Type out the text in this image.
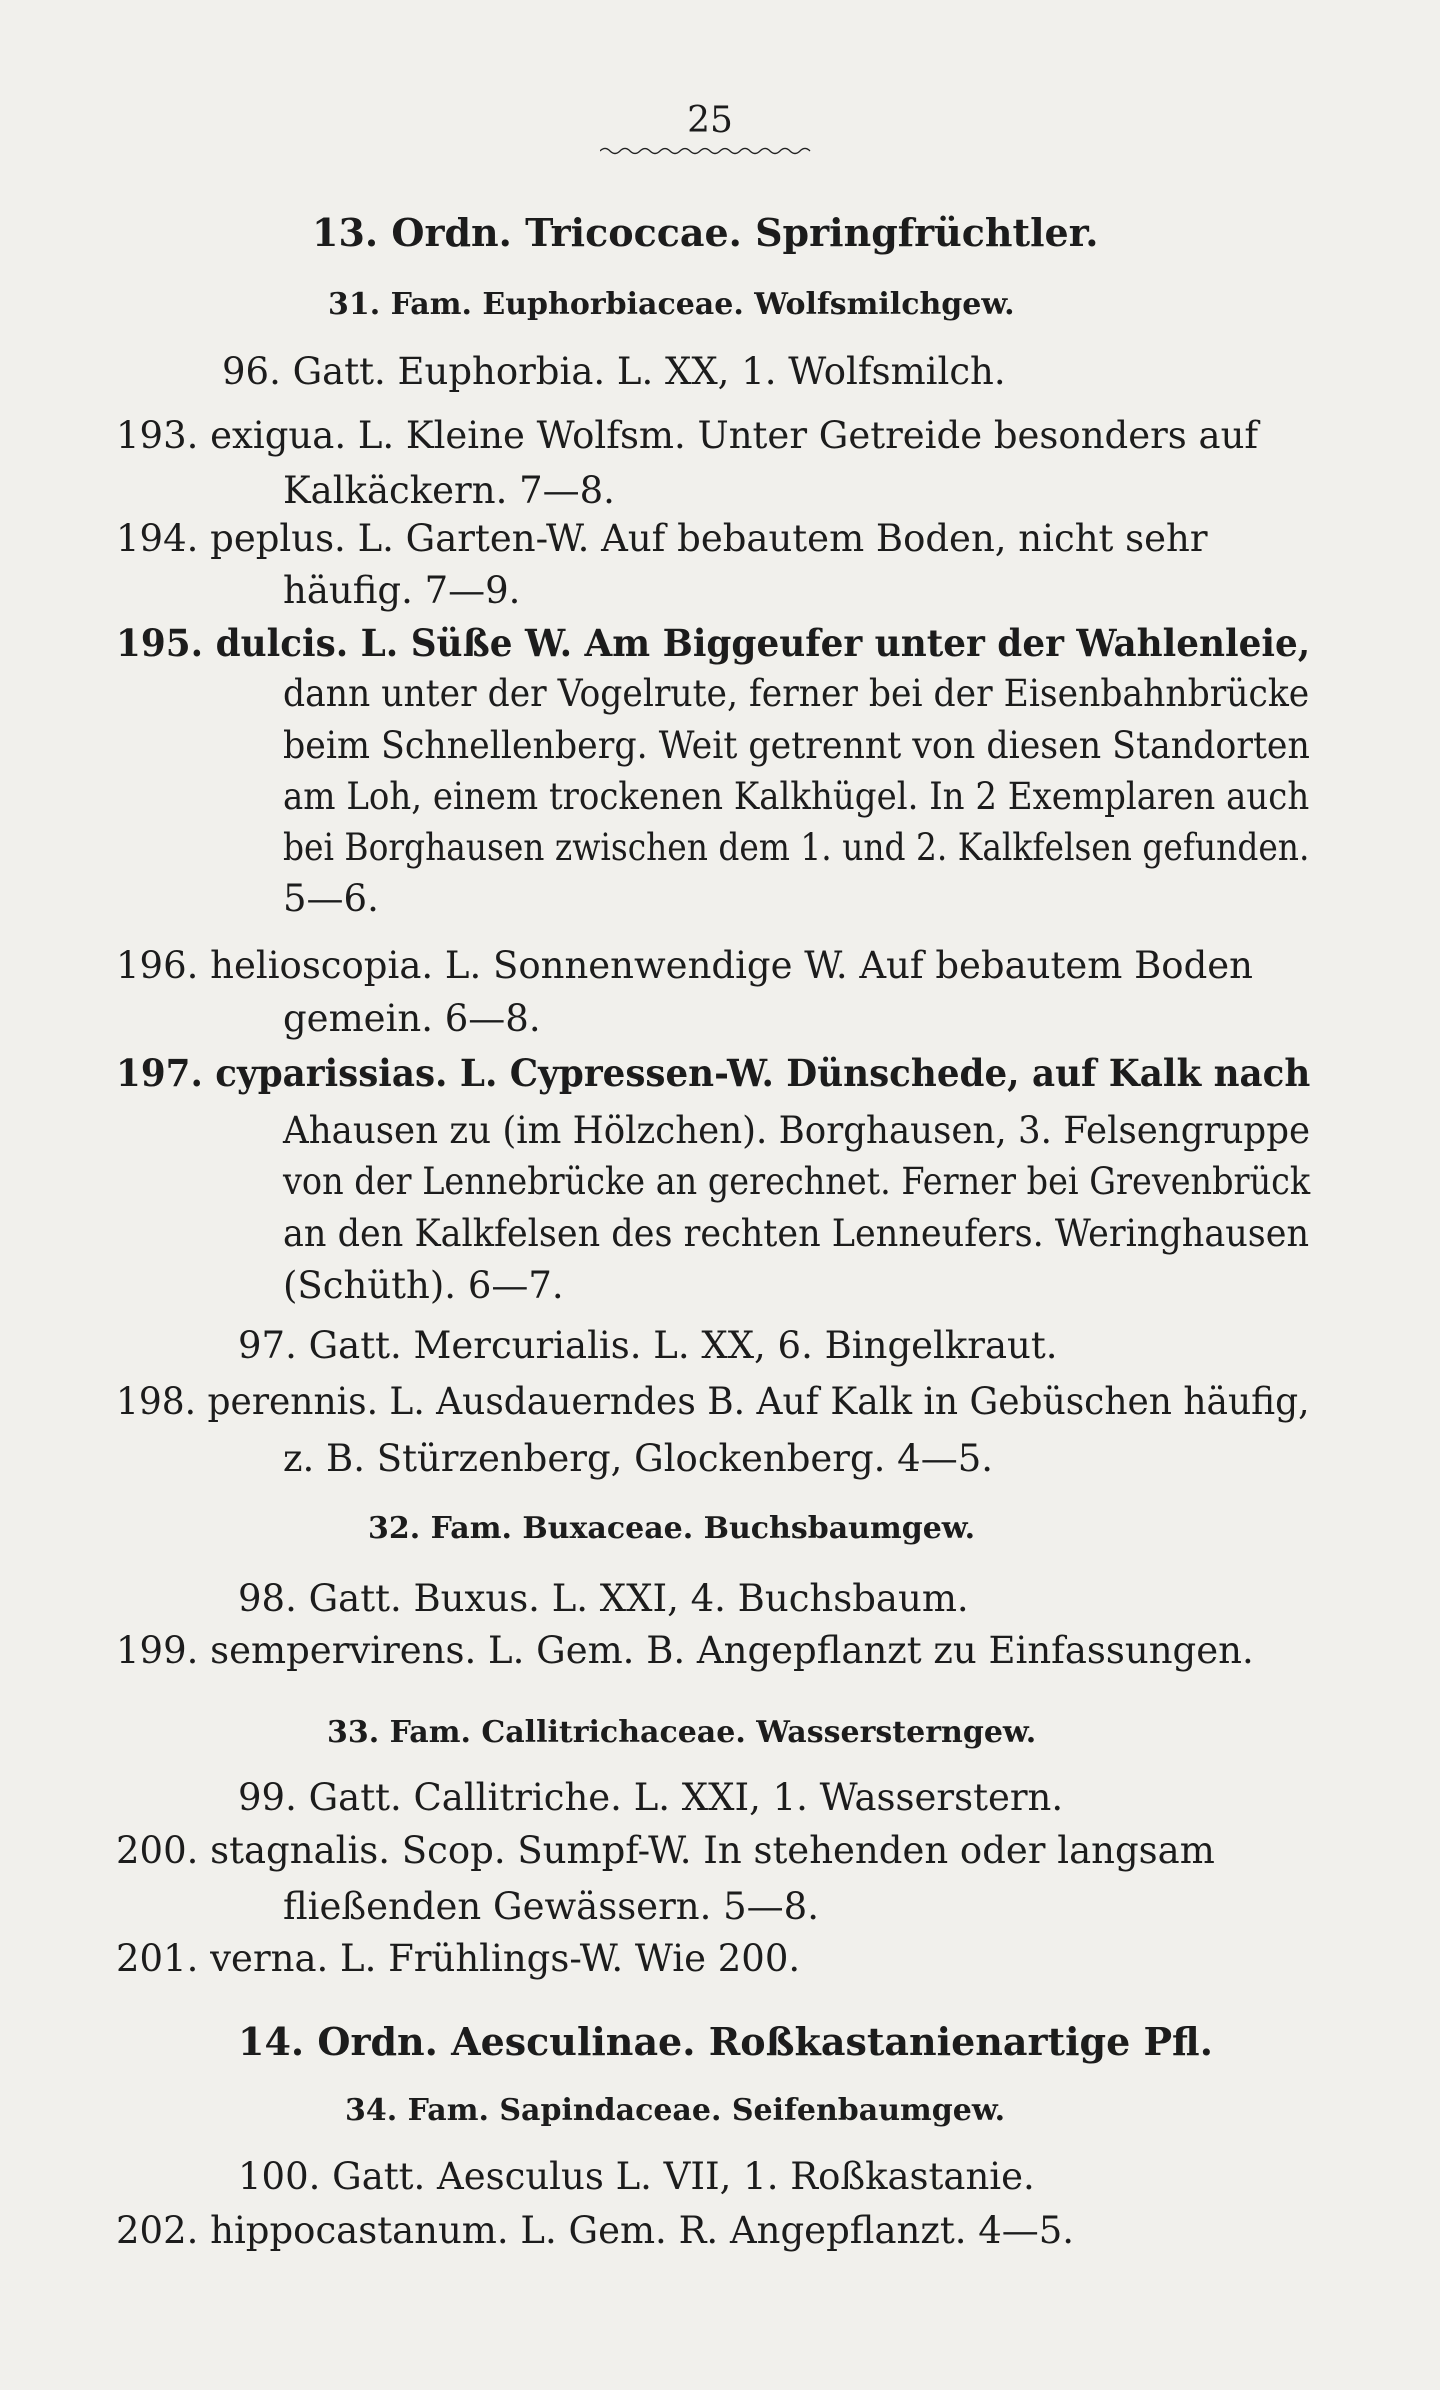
25
13. Ordn. Tricoccae. Springfrüchtler.
31. Fam. Euphorbiaceae. Wolfsmilchgew.
96. Gatt. Euphorbia. L. XX, 1. Wolfsmilch.
193. exigua. L. Kleine Wolfsm. Unter Getreide besonders auf
Kalkäckern. 7—8.
194. peplus. L. Garten-W. Auf bebautem Boden, nicht sehr
häufig. 7—9.
195. dulcis. L. Süße W. Am Biggeufer unter der Wahlenleie,
dann unter der Vogelrute, ferner bei der Eisenbahnbrücke
beim Schnellenberg. Weit getrennt von diesen Standorten
am Loh, einem trockenen Kalkhügel. In 2 Exemplaren auch
bei Borghausen zwischen dem 1. und 2. Kalkfelsen gefunden.
5—6.
196. helioscopia. L. Sonnenwendige W. Auf bebautem Boden
gemein. 6—8.
197. cyparissias. L. Cypressen-W. Dünschede, auf Kalk nach
Ahausen zu (im Hölzchen). Borghausen, 3. Felsengruppe
von der Lennebrücke an gerechnet. Ferner bei Grevenbrück
an den Kalkfelsen des rechten Lenneufers. Weringhausen
(Schüth). 6—7.
97. Gatt. Mercurialis. L. XX, 6. Bingelkraut.
198. perennis. L. Ausdauerndes B. Auf Kalk in Gebüschen häufig,
z. B. Stürzenberg, Glockenberg. 4—5.
32. Fam. Buxaceae. Buchsbaumgew.
98. Gatt. Buxus. L. XXI, 4. Buchsbaum.
199. sempervirens. L. Gem. B. Angepflanzt zu Einfassungen.
33. Fam. Callitrichaceae. Wassersterngew.
99. Gatt. Callitriche. L. XXI, 1. Wasserstern.
200. stagnalis. Scop. Sumpf-W. In stehenden oder langsam
fließenden Gewässern. 5—8.
201. verna. L. Frühlings-W. Wie 200.
14. Ordn. Aesculinae. Roßkastanienartige Pfl.
34. Fam. Sapindaceae. Seifenbaumgew.
100. Gatt. Aesculus L. VII, 1. Roßkastanie.
202. hippocastanum. L. Gem. R. Angepflanzt. 4—5.
